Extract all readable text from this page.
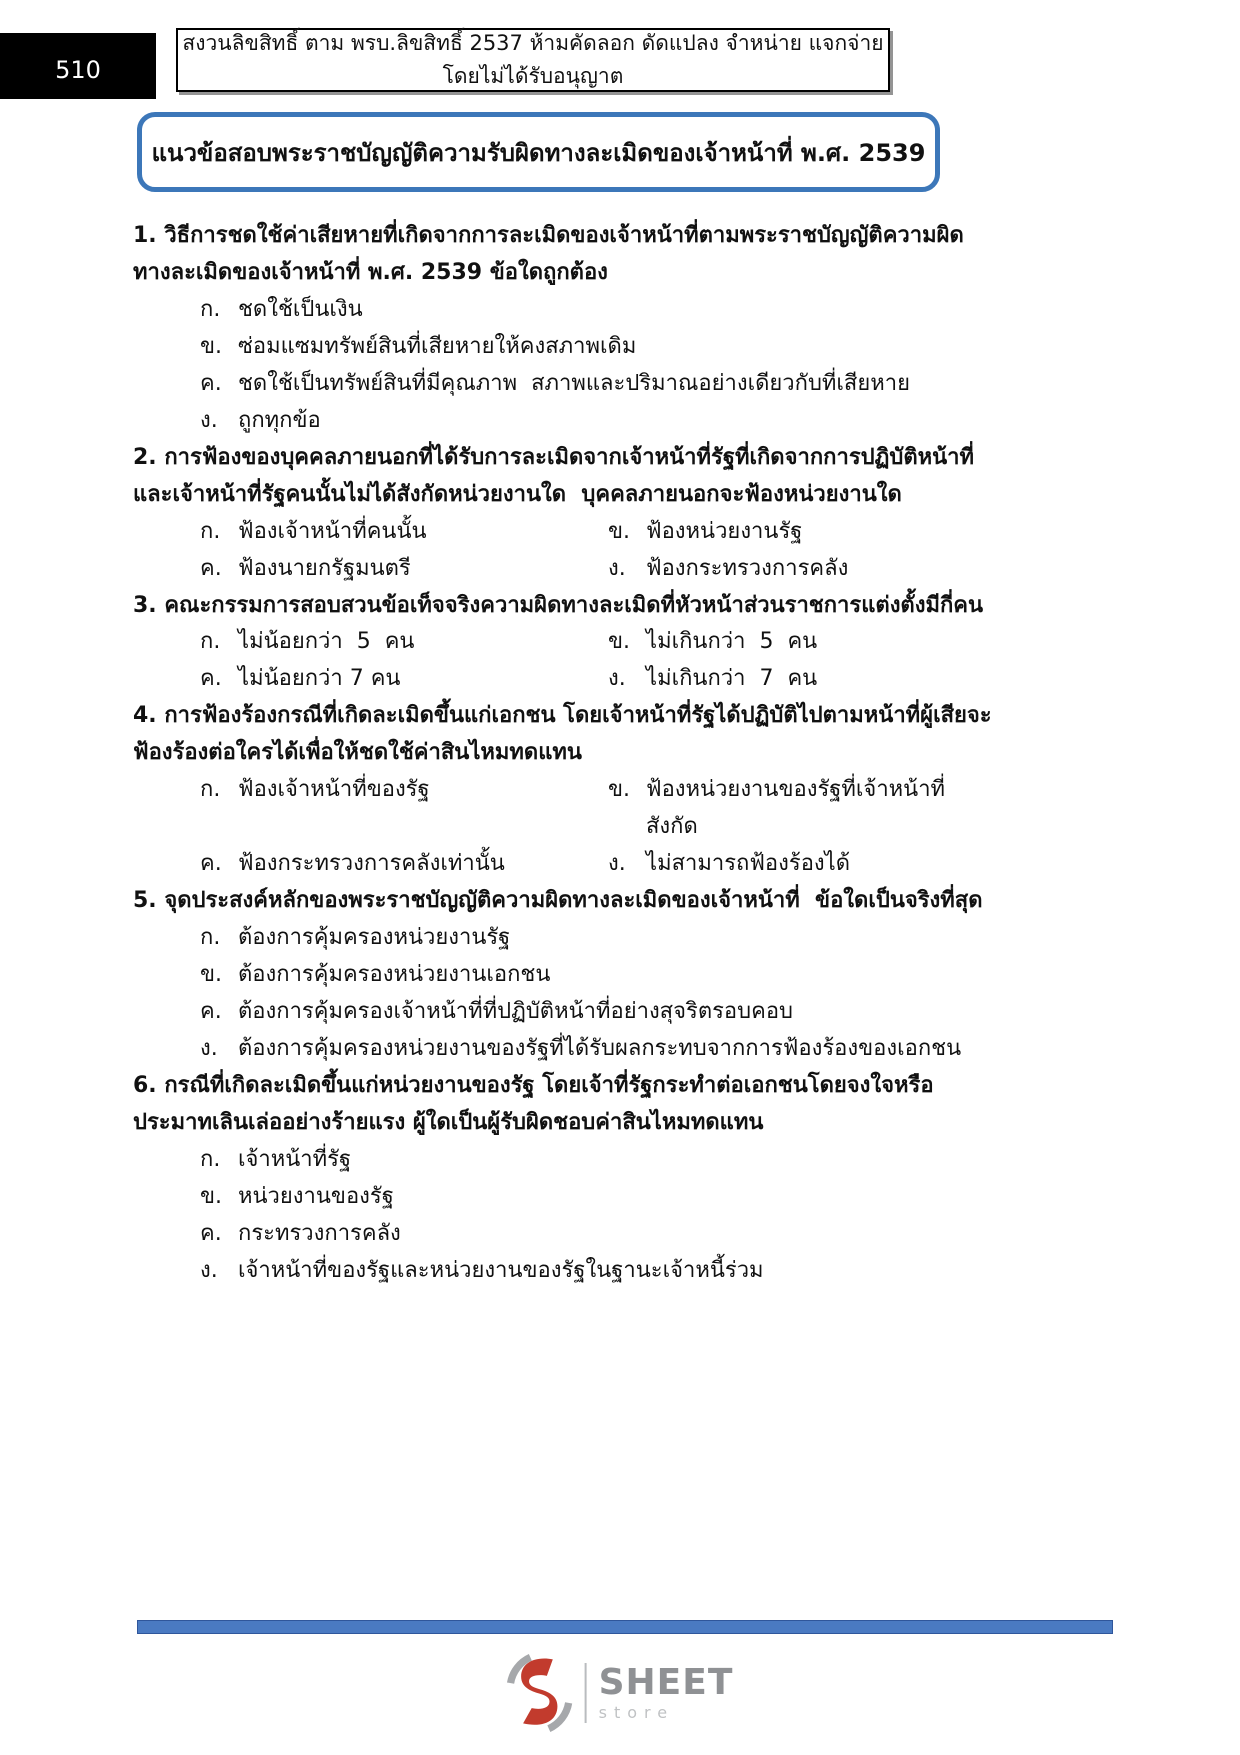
510
สงวนลิขสิทธิ์ ตาม พรบ.ลิขสิทธิ์ 2537 ห้ามคัดลอก ดัดแปลง จำหน่าย แจกจ่าย โดยไม่ได้รับอนุญาต
แนวข้อสอบพระราชบัญญัติความรับผิดทางละเมิดของเจ้าหน้าที่ พ.ศ. 2539

1. วิธีการชดใช้ค่าเสียหายที่เกิดจากการละเมิดของเจ้าหน้าที่ตามพระราชบัญญัติความผิดทางละเมิดของเจ้าหน้าที่ พ.ศ. 2539 ข้อใดถูกต้อง

ก. ชดใช้เป็นเงิน
ข. ซ่อมแซมทรัพย์สินที่เสียหายให้คงสภาพเดิม
ค. ชดใช้เป็นทรัพย์สินที่มีคุณภาพ  สภาพและปริมาณอย่างเดียวกับที่เสียหาย
ง. ถูกทุกข้อ

2. การฟ้องของบุคคลภายนอกที่ได้รับการละเมิดจากเจ้าหน้าที่รัฐที่เกิดจากการปฏิบัติหน้าที่และเจ้าหน้าที่รัฐคนนั้นไม่ได้สังกัดหน่วยงานใด  บุคคลภายนอกจะฟ้องหน่วยงานใด

ก. ฟ้องเจ้าหน้าที่คนนั้น	ข. ฟ้องหน่วยงานรัฐ
ค. ฟ้องนายกรัฐมนตรี	ง. ฟ้องกระทรวงการคลัง

3. คณะกรรมการสอบสวนข้อเท็จจริงความผิดทางละเมิดที่หัวหน้าส่วนราชการแต่งตั้งมีกี่คน

ก. ไม่น้อยกว่า  5  คน	ข. ไม่เกินกว่า  5  คน
ค. ไม่น้อยกว่า 7 คน	ง. ไม่เกินกว่า  7  คน

4. การฟ้องร้องกรณีที่เกิดละเมิดขึ้นแก่เอกชน โดยเจ้าหน้าที่รัฐได้ปฏิบัติไปตามหน้าที่ผู้เสียจะฟ้องร้องต่อใครได้เพื่อให้ชดใช้ค่าสินไหมทดแทน

ก. ฟ้องเจ้าหน้าที่ของรัฐ	ข. ฟ้องหน่วยงานของรัฐที่เจ้าหน้าที่สังกัด
ค. ฟ้องกระทรวงการคลังเท่านั้น	ง. ไม่สามารถฟ้องร้องได้

5. จุดประสงค์หลักของพระราชบัญญัติความผิดทางละเมิดของเจ้าหน้าที่  ข้อใดเป็นจริงที่สุด

ก. ต้องการคุ้มครองหน่วยงานรัฐ
ข. ต้องการคุ้มครองหน่วยงานเอกชน
ค. ต้องการคุ้มครองเจ้าหน้าที่ที่ปฏิบัติหน้าที่อย่างสุจริตรอบคอบ
ง. ต้องการคุ้มครองหน่วยงานของรัฐที่ได้รับผลกระทบจากการฟ้องร้องของเอกชน

6. กรณีที่เกิดละเมิดขึ้นแก่หน่วยงานของรัฐ โดยเจ้าที่รัฐกระทำต่อเอกชนโดยจงใจหรือประมาทเลินเล่ออย่างร้ายแรง ผู้ใดเป็นผู้รับผิดชอบค่าสินไหมทดแทน

ก. เจ้าหน้าที่รัฐ
ข. หน่วยงานของรัฐ
ค. กระทรวงการคลัง
ง. เจ้าหน้าที่ของรัฐและหน่วยงานของรัฐในฐานะเจ้าหนี้ร่วม
SHEET
store
